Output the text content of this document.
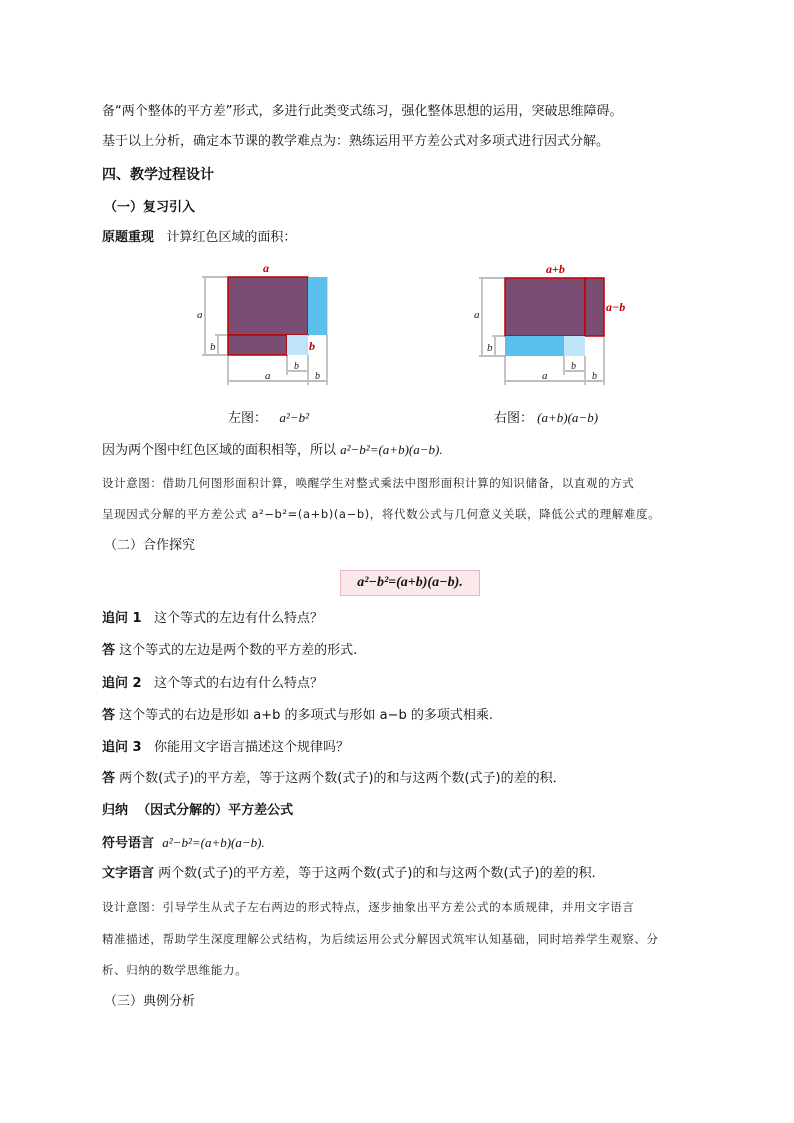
备“两个整体的平方差”形式，多进行此类变式练习，强化整体思想的运用，突破思维障碍。
基于以上分析，确定本节课的教学难点为：熟练运用平方差公式对多项式进行因式分解。
四、教学过程设计
（一）复习引入
原题重现 计算红色区域的面积：
a
b
a
b
b
a	b
a+b
a−b
a
b
b
a	b
左图： a²−b²	右图： (a+b)(a−b)
因为两个图中红色区域的面积相等，所以 a²−b²=(a+b)(a−b).
设计意图：借助几何图形面积计算，唤醒学生对整式乘法中图形面积计算的知识储备，以直观的方式
呈现因式分解的平方差公式 a²−b²=(a+b)(a−b)，将代数公式与几何意义关联，降低公式的理解难度。
（二）合作探究
a²−b²=(a+b)(a−b).
追问 1 这个等式的左边有什么特点？
答 这个等式的左边是两个数的平方差的形式.
追问 2 这个等式的右边有什么特点？
答 这个等式的右边是形如 a+b 的多项式与形如 a−b 的多项式相乘.
追问 3 你能用文字语言描述这个规律吗？
答 两个数(式子)的平方差，等于这两个数(式子)的和与这两个数(式子)的差的积．
归纳 （因式分解的）平方差公式
符号语言 a²−b²=(a+b)(a−b).
文字语言 两个数(式子)的平方差，等于这两个数(式子)的和与这两个数(式子)的差的积．
设计意图：引导学生从式子左右两边的形式特点，逐步抽象出平方差公式的本质规律，并用文字语言
精准描述，帮助学生深度理解公式结构，为后续运用公式分解因式筑牢认知基础，同时培养学生观察、分
析、归纳的数学思维能力。
（三）典例分析
